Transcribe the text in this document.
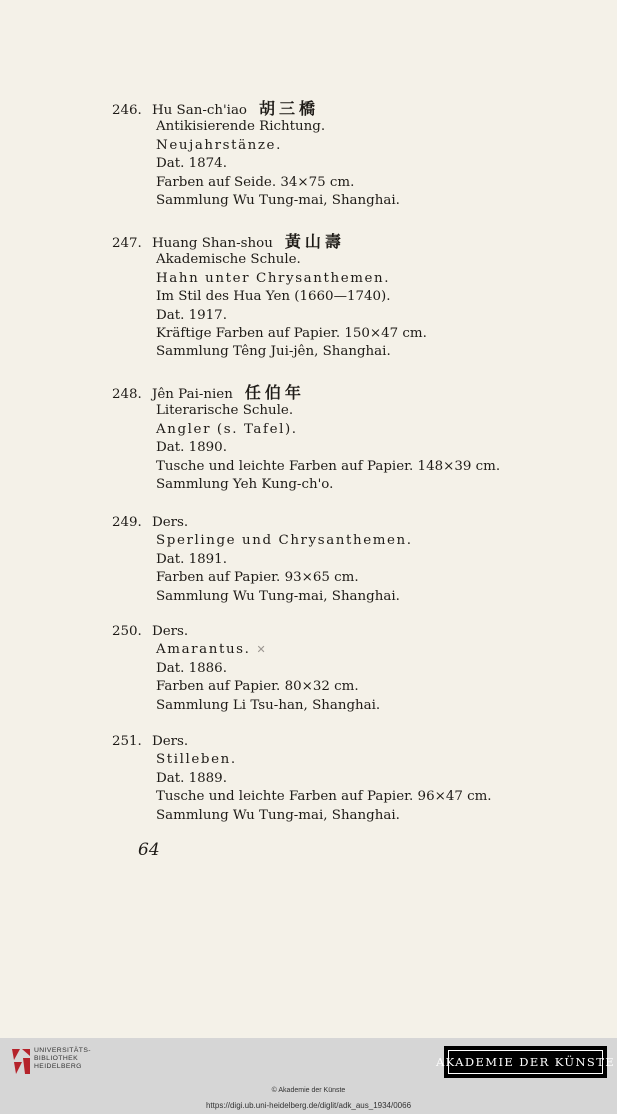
246. Hu San-ch'iao 胡三橋
Antikisierende Richtung.
Neujahrstänze.
Dat. 1874.
Farben auf Seide. 34×75 cm.
Sammlung Wu Tung-mai, Shanghai.
247. Huang Shan-shou 黃山壽
Akademische Schule.
Hahn unter Chrysanthemen.
Im Stil des Hua Yen (1660—1740).
Dat. 1917.
Kräftige Farben auf Papier. 150×47 cm.
Sammlung Têng Jui-jên, Shanghai.
248. Jên Pai-nien 任伯年
Literarische Schule.
Angler (s. Tafel).
Dat. 1890.
Tusche und leichte Farben auf Papier. 148×39 cm.
Sammlung Yeh Kung-ch'o.
249. Ders.
Sperlinge und Chrysanthemen.
Dat. 1891.
Farben auf Papier. 93×65 cm.
Sammlung Wu Tung-mai, Shanghai.
250. Ders.
Amarantus. ✕
Dat. 1886.
Farben auf Papier. 80×32 cm.
Sammlung Li Tsu-han, Shanghai.
251. Ders.
Stilleben.
Dat. 1889.
Tusche und leichte Farben auf Papier. 96×47 cm.
Sammlung Wu Tung-mai, Shanghai.
64
UNIVERSITÄTS-
BIBLIOTHEK
HEIDELBERG	AKADEMIE DER KÜNSTE
© Akademie der Künste
https://digi.ub.uni-heidelberg.de/diglit/adk_aus_1934/0066
